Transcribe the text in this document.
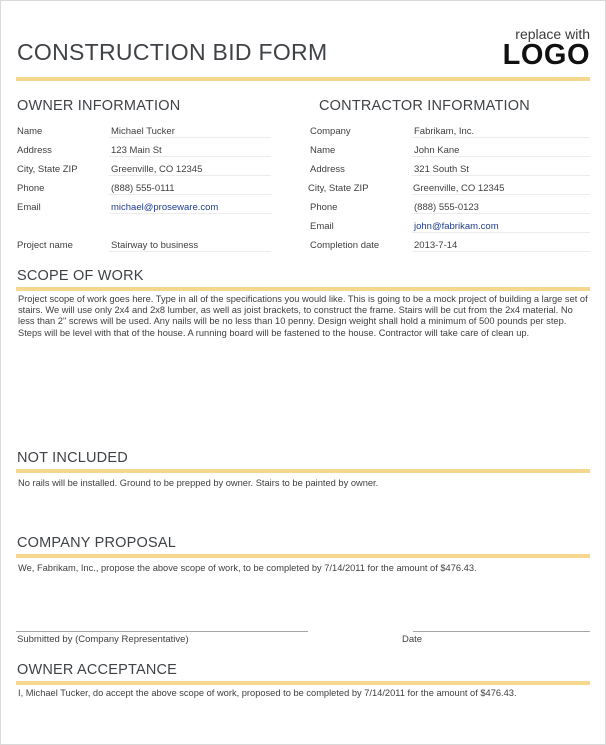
CONSTRUCTION BID FORM
replace with
LOGO
OWNER INFORMATION
Name	Michael Tucker
Address	123 Main St
City, State ZIP	Greenville, CO 12345
Phone	(888) 555-0111
Email	michael@proseware.com
Project name	Stairway to business
CONTRACTOR INFORMATION
Company	Fabrikam, Inc.
Name	John Kane
Address	321 South St
City, State ZIP	Greenville, CO 12345
Phone	(888) 555-0123
Email	john@fabrikam.com
Completion date	2013-7-14
SCOPE OF WORK
Project scope of work goes here. Type in all of the specifications you would like. This is going to be a mock project of building a large set of stairs. We will use only 2x4 and 2x8 lumber, as well as joist brackets, to construct the frame. Stairs will be cut from the 2x4 material. No less than 2" screws will be used. Any nails will be no less than 10 penny. Design weight shall hold a minimum of 500 pounds per step. Steps will be level with that of the house. A running board will be fastened to the house. Contractor will take care of clean up.
NOT INCLUDED
No rails will be installed. Ground to be prepped by owner. Stairs to be painted by owner.
COMPANY PROPOSAL
We, Fabrikam, Inc., propose the above scope of work, to be completed by 7/14/2011 for the amount of $476.43.
Submitted by (Company Representative)	Date
OWNER ACCEPTANCE
I, Michael Tucker, do accept the above scope of work, proposed to be completed by 7/14/2011 for the amount of $476.43.
